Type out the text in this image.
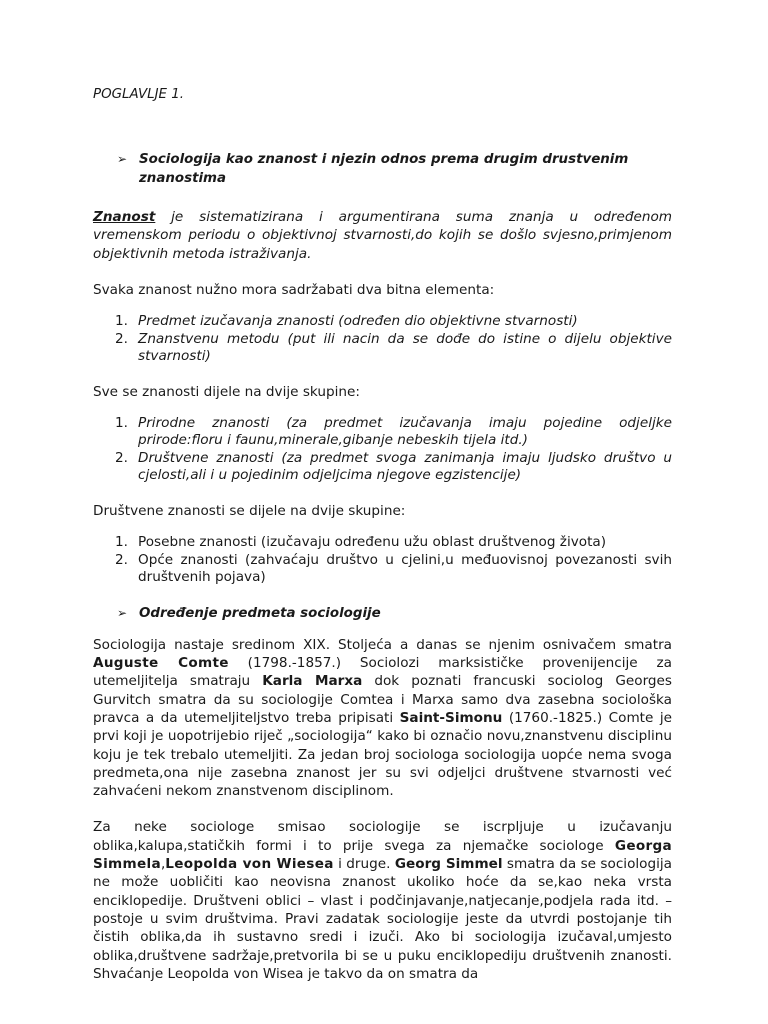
POGLAVLJE 1.
➢ Sociologija kao znanost i njezin odnos prema drugim drustvenim znanostima

Znanost je sistematizirana i argumentirana suma znanja u određenom vremenskom periodu o objektivnoj stvarnosti,do kojih se došlo svjesno,primjenom objektivnih metoda istraživanja.

Svaka znanost nužno mora sadržabati dva bitna elementa:

1. Predmet izučavanja znanosti (određen dio objektivne stvarnosti)
2. Znanstvenu metodu (put ili nacin da se dođe do istine o dijelu objektive stvarnosti)

Sve se znanosti dijele na dvije skupine:

1. Prirodne znanosti (za predmet izučavanja imaju pojedine odjeljke prirode:floru i faunu,minerale,gibanje nebeskih tijela itd.)
2. Društvene znanosti (za predmet svoga zanimanja imaju ljudsko društvo u cjelosti,ali i u pojedinim odjeljcima njegove egzistencije)

Društvene znanosti se dijele na dvije skupine:

1. Posebne znanosti (izučavaju određenu užu oblast društvenog života)
2. Opće znanosti (zahvaćaju društvo u cjelini,u međuovisnoj povezanosti svih društvenih pojava)
➢ Određenje predmeta sociologije

Sociologija nastaje sredinom XIX. Stoljeća a danas se njenim osnivačem smatra Auguste Comte (1798.-1857.) Sociolozi marksističke provenijencije za utemeljitelja smatraju Karla Marxa dok poznati francuski sociolog Georges Gurvitch smatra da su sociologije Comtea i Marxa samo dva zasebna sociološka pravca a da utemeljiteljstvo treba pripisati Saint-Simonu (1760.-1825.) Comte je prvi koji je uopotrijebio riječ „sociologija“ kako bi označio novu,znanstvenu disciplinu koju je tek trebalo utemeljiti. Za jedan broj sociologa sociologija uopće nema svoga predmeta,ona nije zasebna znanost jer su svi odjeljci društvene stvarnosti već zahvaćeni nekom znanstvenom disciplinom.

Za neke sociologe smisao sociologije se iscrpljuje u izučavanju oblika,kalupa,statičkih formi i to prije svega za njemačke sociologe Georga Simmela,Leopolda von Wiesea i druge. Georg Simmel smatra da se sociologija ne može uobličiti kao neovisna znanost ukoliko hoće da se,kao neka vrsta enciklopedije. Društveni oblici – vlast i podčinjavanje,natjecanje,podjela rada itd. – postoje u svim društvima. Pravi zadatak sociologije jeste da utvrdi postojanje tih čistih oblika,da ih sustavno sredi i izuči. Ako bi sociologija izučaval,umjesto oblika,društvene sadržaje,pretvorila bi se u puku enciklopediju društvenih znanosti. Shvaćanje Leopolda von Wisea je takvo da on smatra da
